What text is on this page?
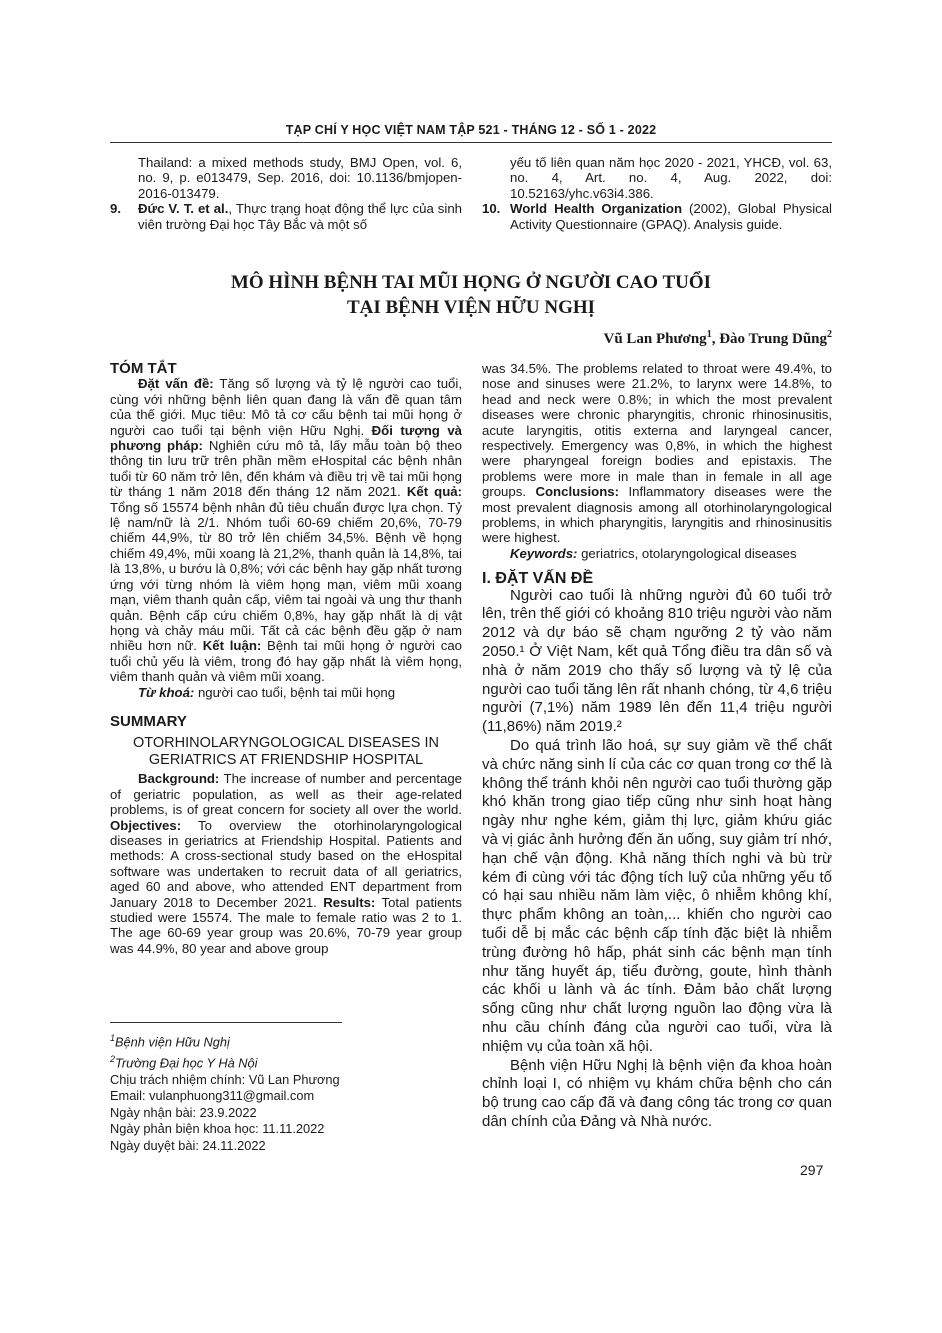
TẠP CHÍ Y HỌC VIỆT NAM TẬP 521 - THÁNG 12 - SỐ 1 - 2022
Thailand: a mixed methods study, BMJ Open, vol. 6, no. 9, p. e013479, Sep. 2016, doi: 10.1136/bmjopen-2016-013479.
9. Đức V. T. et al., Thực trạng hoạt động thể lực của sinh viên trường Đại học Tây Bắc và một số
yếu tố liên quan năm học 2020 - 2021, YHCĐ, vol. 63, no. 4, Art. no. 4, Aug. 2022, doi: 10.52163/yhc.v63i4.386.
10. World Health Organization (2002), Global Physical Activity Questionnaire (GPAQ). Analysis guide.
MÔ HÌNH BỆNH TAI MŨI HỌNG Ở NGƯỜI CAO TUỔI
TẠI BỆNH VIỆN HỮU NGHỊ
Vũ Lan Phương$^1$, Đào Trung Dũng$^2$
TÓM TẮT
Đặt vấn đề: Tăng số lượng và tỷ lệ người cao tuổi, cùng với những bệnh liên quan đang là vấn đề quan tâm của thế giới. Mục tiêu: Mô tả cơ cấu bệnh tai mũi họng ở người cao tuổi tại bệnh viện Hữu Nghị. Đối tượng và phương pháp: Nghiên cứu mô tả, lấy mẫu toàn bộ theo thông tin lưu trữ trên phần mềm eHospital các bệnh nhân tuổi từ 60 năm trở lên, đến khám và điều trị về tai mũi họng từ tháng 1 năm 2018 đến tháng 12 năm 2021. Kết quả: Tổng số 15574 bệnh nhân đủ tiêu chuẩn được lựa chọn. Tỷ lệ nam/nữ là 2/1. Nhóm tuổi 60-69 chiếm 20,6%, 70-79 chiếm 44,9%, từ 80 trở lên chiếm 34,5%. Bệnh về họng chiếm 49,4%, mũi xoang là 21,2%, thanh quản là 14,8%, tai là 13,8%, u bướu là 0,8%; với các bệnh hay gặp nhất tương ứng với từng nhóm là viêm họng mạn, viêm mũi xoang mạn, viêm thanh quản cấp, viêm tai ngoài và ung thư thanh quản. Bệnh cấp cứu chiếm 0,8%, hay gặp nhất là dị vật họng và chảy máu mũi. Tất cả các bệnh đều gặp ở nam nhiều hơn nữ. Kết luận: Bệnh tai mũi họng ở người cao tuổi chủ yếu là viêm, trong đó hay gặp nhất là viêm họng, viêm thanh quản và viêm mũi xoang.
Từ khoá: người cao tuổi, bệnh tai mũi họng
SUMMARY
OTORHINOLARYNGOLOGICAL DISEASES IN GERIATRICS AT FRIENDSHIP HOSPITAL
Background: The increase of number and percentage of geriatric population, as well as their age-related problems, is of great concern for society all over the world. Objectives: To overview the otorhinolaryngological diseases in geriatrics at Friendship Hospital. Patients and methods: A cross-sectional study based on the eHospital software was undertaken to recruit data of all geriatrics, aged 60 and above, who attended ENT department from January 2018 to December 2021. Results: Total patients studied were 15574. The male to female ratio was 2 to 1. The age 60-69 year group was 20.6%, 70-79 year group was 44.9%, 80 year and above group
$^1$Bệnh viện Hữu Nghị
$^2$Trường Đại học Y Hà Nội
Chịu trách nhiệm chính: Vũ Lan Phương
Email: vulanphuong311@gmail.com
Ngày nhận bài: 23.9.2022
Ngày phản biện khoa học: 11.11.2022
Ngày duyệt bài: 24.11.2022
was 34.5%. The problems related to throat were 49.4%, to nose and sinuses were 21.2%, to larynx were 14.8%, to head and neck were 0.8%; in which the most prevalent diseases were chronic pharyngitis, chronic rhinosinusitis, acute laryngitis, otitis externa and laryngeal cancer, respectively. Emergency was 0,8%, in which the highest were pharyngeal foreign bodies and epistaxis. The problems were more in male than in female in all age groups. Conclusions: Inflammatory diseases were the most prevalent diagnosis among all otorhinolaryngological problems, in which pharyngitis, laryngitis and rhinosinusitis were highest.
Keywords: geriatrics, otolaryngological diseases
I. ĐẶT VẤN ĐỀ
Người cao tuổi là những người đủ 60 tuổi trở lên, trên thế giới có khoảng 810 triệu người vào năm 2012 và dự báo sẽ chạm ngưỡng 2 tỷ vào năm 2050.¹ Ở Việt Nam, kết quả Tổng điều tra dân số và nhà ở năm 2019 cho thấy số lượng và tỷ lệ của người cao tuổi tăng lên rất nhanh chóng, từ 4,6 triệu người (7,1%) năm 1989 lên đến 11,4 triệu người (11,86%) năm 2019.²
Do quá trình lão hoá, sự suy giảm về thể chất và chức năng sinh lí của các cơ quan trong cơ thể là không thể tránh khỏi nên người cao tuổi thường gặp khó khăn trong giao tiếp cũng như sinh hoạt hàng ngày như nghe kém, giảm thị lực, giảm khứu giác và vị giác ảnh hưởng đến ăn uống, suy giảm trí nhớ, hạn chế vận động. Khả năng thích nghi và bù trừ kém đi cùng với tác động tích luỹ của những yếu tố có hại sau nhiều năm làm việc, ô nhiễm không khí, thực phẩm không an toàn,... khiến cho người cao tuổi dễ bị mắc các bệnh cấp tính đặc biệt là nhiễm trùng đường hô hấp, phát sinh các bệnh mạn tính như tăng huyết áp, tiểu đường, goute, hình thành các khối u lành và ác tính. Đảm bảo chất lượng sống cũng như chất lượng nguồn lao động vừa là nhu cầu chính đáng của người cao tuổi, vừa là nhiệm vụ của toàn xã hội.
Bệnh viện Hữu Nghị là bệnh viện đa khoa hoàn chỉnh loại I, có nhiệm vụ khám chữa bệnh cho cán bộ trung cao cấp đã và đang công tác trong cơ quan dân chính của Đảng và Nhà nước.
297
